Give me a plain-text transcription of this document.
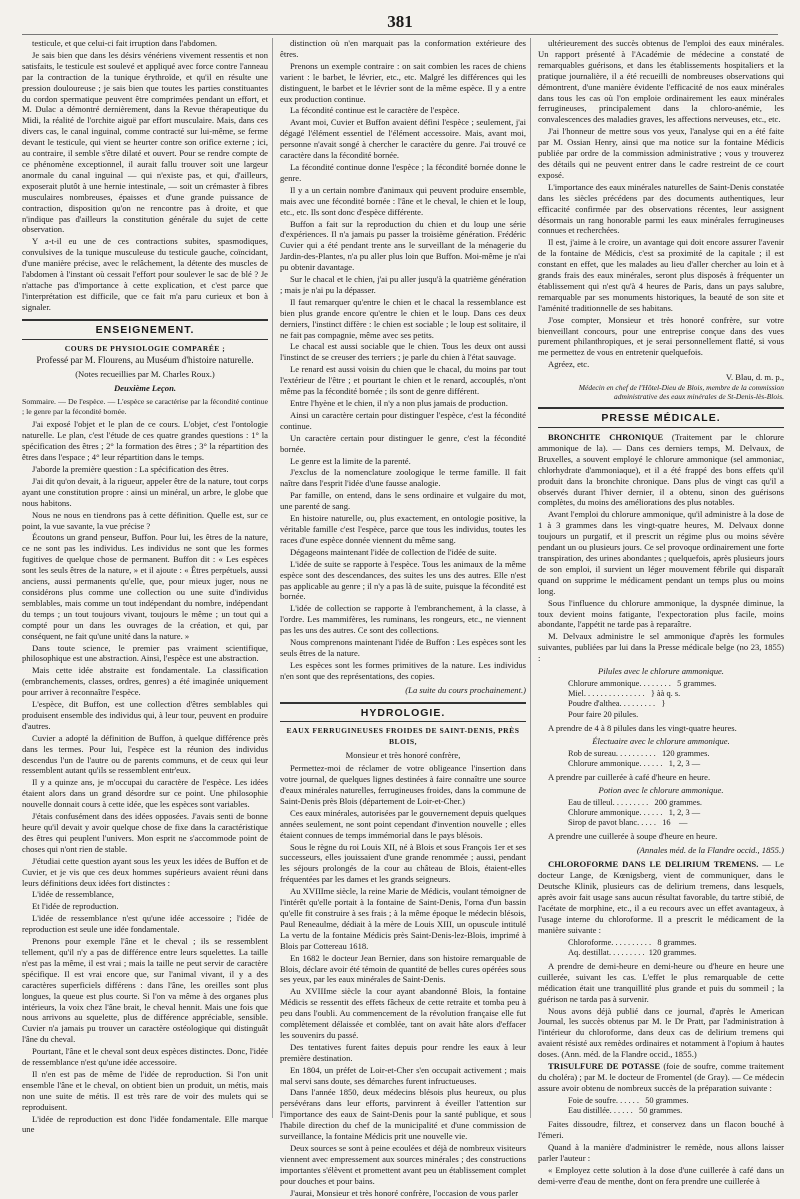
381

testicule, et que celui-ci fait irruption dans l'abdomen.

Je sais bien que dans les désirs vénériens vivement ressentis et non satisfaits, le testicule est soulevé et appliqué avec force contre l'anneau par la contraction de la tunique érythroïde, et qu'il en résulte une pression douloureuse ; je sais bien que toutes les parties constituantes du cordon spermatique peuvent être comprimées pendant un effort, et M. Dulac a démontré dernièrement, dans la Revue thérapeutique du Midi, la réalité de l'orchite aiguë par effort musculaire. Mais, dans ces divers cas, le canal inguinal, comme contracté sur lui-même, se ferme devant le testicule, qui vient se heurter contre son orifice externe ; ici, au contraire, il semble s'être dilaté et ouvert. Pour se rendre compte de ce phénomène exceptionnel, il aurait fallu trouver soit une largeur anormale du canal inguinal — qui n'existe pas, et qui, d'ailleurs, exposerait plutôt à une hernie intestinale, — soit un crémaster à fibres musculaires nombreuses, épaisses et d'une grande puissance de contraction, disposition qu'on ne rencontre pas à droite, et que n'indique pas d'ailleurs la constitution générale du sujet de cette observation.

Y a-t-il eu une de ces contractions subites, spasmodiques, convulsives de la tunique musculeuse du testicule gauche, coïncidant, d'une manière précise, avec le relâchement, la détente des muscles de l'abdomen à l'instant où cessait l'effort pour soulever le sac de blé ? Je n'attache pas d'importance à cette explication, et c'est parce que l'interprétation est difficile, que ce fait m'a paru curieux et bon à signaler.

ENSEIGNEMENT.
COURS DE PHYSIOLOGIE COMPARÉE ;
Professé par M. Flourens, au Muséum d'histoire naturelle.
(Notes recueillies par M. Charles Roux.)
Deuxième Leçon.

Sommaire. — De l'espèce. — L'espèce se caractérise par la fécondité continue ; le genre par la fécondité bornée.

J'ai exposé l'objet et le plan de ce cours. L'objet, c'est l'ontologie naturelle. Le plan, c'est l'étude de ces quatre grandes questions : 1° la spécification des êtres ; 2° la formation des êtres ; 3° la répartition des êtres dans l'espace ; 4° leur répartition dans le temps.

J'aborde la première question : La spécification des êtres.

J'ai dit qu'on devait, à la rigueur, appeler être de la nature, tout corps ayant une constitution propre : ainsi un minéral, un arbre, le globe que nous habitons.

Nous ne nous en tiendrons pas à cette définition. Quelle est, sur ce point, la vue savante, la vue précise ?

Écoutons un grand penseur, Buffon. Pour lui, les êtres de la nature, ce ne sont pas les individus. Les individus ne sont que les formes fugitives de quelque chose de permanent. Buffon dit : « Les espèces sont les seuls êtres de la nature, » et il ajoute : « Êtres perpétuels, aussi anciens, aussi permanents qu'elle, que, pour mieux juger, nous ne considérons plus comme une collection ou une suite d'individus semblables, mais comme un tout indépendant du nombre, indépendant du temps ; un tout toujours vivant, toujours le même ; un tout qui a compté pour un dans les ouvrages de la création, et qui, par conséquent, ne fait qu'une unité dans la nature. »

Dans toute science, le premier pas vraiment scientifique, philosophique est une abstraction. Ainsi, l'espèce est une abstraction.

Mais cette idée abstraite est fondamentale. La classification (embranchements, classes, ordres, genres) a été imaginée uniquement pour arriver à reconnaître l'espèce.

L'espèce, dit Buffon, est une collection d'êtres semblables qui produisent ensemble des individus qui, à leur tour, peuvent en produire d'autres.

Cuvier a adopté la définition de Buffon, à quelque différence près dans les termes. Pour lui, l'espèce est la réunion des individus descendus l'un de l'autre ou de parents communs, et de ceux qui leur ressemblent autant qu'ils se ressemblent entr'eux.

Il y a quinze ans, je m'occupai du caractère de l'espèce. Les idées étaient alors dans un grand désordre sur ce point. Une philosophie nouvelle donnait cours à cette idée, que les espèces sont variables.

J'étais confusément dans des idées opposées. J'avais senti de bonne heure qu'il devait y avoir quelque chose de fixe dans la caractéristique des êtres qui peuplent l'univers. Mon esprit ne s'accommode point de choses qui n'ont rien de stable.

J'étudiai cette question ayant sous les yeux les idées de Buffon et de Cuvier, et je vis que ces deux hommes supérieurs avaient réuni dans leurs définitions deux idées fort distinctes :

L'idée de ressemblance,

Et l'idée de reproduction.

L'idée de ressemblance n'est qu'une idée accessoire ; l'idée de reproduction est seule une idée fondamentale.

Prenons pour exemple l'âne et le cheval ; ils se ressemblent tellement, qu'il n'y a pas de différence entre leurs squelettes. La taille n'est pas la même, il est vrai ; mais la taille ne peut servir de caractère spécifique. Il est vrai encore que, sur l'animal vivant, il y a des caractères superficiels différens : dans l'âne, les oreilles sont plus longues, la queue est plus courte. Si l'on va même à des organes plus intérieurs, la voix chez l'âne brait, le cheval hennit. Mais une fois que nous arrivons au squelette, plus de différence appréciable, sensible. Cuvier n'a jamais pu trouver un caractère ostéologique qui distinguât l'âne du cheval.

Pourtant, l'âne et le cheval sont deux espèces distinctes. Donc, l'idée de ressemblance n'est qu'une idée accessoire.

Il n'en est pas de même de l'idée de reproduction. Si l'on unit ensemble l'âne et le cheval, on obtient bien un produit, un métis, mais non une suite de métis. Il est très rare de voir des mulets qui se reproduisent.

L'idée de reproduction est donc l'idée fondamentale. Elle marque une

distinction où n'en marquait pas la conformation extérieure des êtres.

Prenons un exemple contraire : on sait combien les races de chiens varient : le barbet, le lévrier, etc., etc. Malgré les différences qui les distinguent, le barbet et le lévrier sont de la même espèce. Il y a entre eux production continue.

La fécondité continue est le caractère de l'espèce.

Avant moi, Cuvier et Buffon avaient défini l'espèce ; seulement, j'ai dégagé l'élément essentiel de l'élément accessoire. Mais, avant moi, personne n'avait songé à chercher le caractère du genre. J'ai trouvé ce caractère dans la fécondité bornée.

La fécondité continue donne l'espèce ; la fécondité bornée donne le genre.

Il y a un certain nombre d'animaux qui peuvent produire ensemble, mais avec une fécondité bornée : l'âne et le cheval, le chien et le loup, etc., etc. Ils sont donc d'espèce différente.

Buffon a fait sur la reproduction du chien et du loup une série d'expériences. Il n'a jamais pu passer la troisième génération. Frédéric Cuvier qui a été pendant trente ans le surveillant de la ménagerie du Jardin-des-Plantes, n'a pu aller plus loin que Buffon. Moi-même je n'ai pu obtenir davantage.

Sur le chacal et le chien, j'ai pu aller jusqu'à la quatrième génération ; mais je n'ai pu la dépasser.

Il faut remarquer qu'entre le chien et le chacal la ressemblance est bien plus grande encore qu'entre le chien et le loup. Dans ces deux derniers, l'instinct diffère : le chien est sociable ; le loup est solitaire, il ne fait pas compagnie, même avec ses petits.

Le chacal est aussi sociable que le chien. Tous les deux ont aussi l'instinct de se creuser des terriers ; je parle du chien à l'état sauvage.

Le renard est aussi voisin du chien que le chacal, du moins par tout l'extérieur de l'être ; et pourtant le chien et le renard, accouplés, n'ont même pas la fécondité bornée ; ils sont de genre différent.

Entre l'hyène et le chien, il n'y a non plus jamais de production.

Ainsi un caractère certain pour distinguer l'espèce, c'est la fécondité continue.

Un caractère certain pour distinguer le genre, c'est la fécondité bornée.

Le genre est la limite de la parenté.

J'exclus de la nomenclature zoologique le terme famille. Il fait naître dans l'esprit l'idée d'une fausse analogie.

Par famille, on entend, dans le sens ordinaire et vulgaire du mot, une parenté de sang.

En histoire naturelle, ou, plus exactement, en ontologie positive, la véritable famille c'est l'espèce, parce que tous les individus, toutes les races d'une espèce donnée viennent du même sang.

Dégageons maintenant l'idée de collection de l'idée de suite.

L'idée de suite se rapporte à l'espèce. Tous les animaux de la même espèce sont des descendances, des suites les uns des autres. Elle n'est pas applicable au genre ; il n'y a pas là de suite, puisque la fécondité est bornée.

L'idée de collection se rapporte à l'embranchement, à la classe, à l'ordre. Les mammifères, les ruminans, les rongeurs, etc., ne viennent pas les uns des autres. Ce sont des collections.

Nous comprenons maintenant l'idée de Buffon : Les espèces sont les seuls êtres de la nature.

Les espèces sont les formes primitives de la nature. Les individus n'en sont que des représentations, des copies.

(La suite du cours prochainement.)
HYDROLOGIE.
EAUX FERRUGINEUSES FROIDES DE SAINT-DENIS, PRÈS BLOIS,
Monsieur et très honoré confrère,

Permettez-moi de réclamer de votre obligeance l'insertion dans votre journal, de quelques lignes destinées à faire connaître une source d'eaux minérales naturelles, ferrugineuses froides, dans la commune de Saint-Denis près Blois (département de Loir-et-Cher.)

Ces eaux minérales, autorisées par le gouvernement depuis quelques années seulement, ne sont point cependant d'invention nouvelle ; elles étaient connues de temps immémorial dans le pays blésois.

Sous le règne du roi Louis XII, né à Blois et sous François 1er et ses successeurs, elles jouissaient d'une grande renommée ; aussi, pendant les séjours prolongés de la cour au château de Blois, étaient-elles fréquentées par les dames et les grands seigneurs.

Au XVIIIme siècle, la reine Marie de Médicis, voulant témoigner de l'intérêt qu'elle portait à la fontaine de Saint-Denis, l'orna d'un bassin qu'elle fit construire à ses frais ; à la même époque le médecin blésois, Paul Reneaulme, dédiait à la mère de Louis XIII, un opuscule intitulé La vertu de la fontaine Médicis près Saint-Denis-lez-Blois, imprimé à Blois par Cottereau 1618.

En 1682 le docteur Jean Bernier, dans son histoire remarquable de Blois, déclare avoir été témoin de quantité de belles cures opérées sous ses yeux, par les eaux minérales de Saint-Denis.

Au XVIIIme siècle la cour ayant abandonné Blois, la fontaine Médicis se ressentit des effets fâcheux de cette retraite et tomba peu à peu dans l'oubli. Au commencement de la révolution française elle fut complètement délaissée et comblée, tant on avait hâte alors d'effacer les souvenirs du passé.

Des tentatives furent faites depuis pour rendre les eaux à leur première destination.

En 1804, un préfet de Loir-et-Cher s'en occupait activement ; mais mal servi sans doute, ses démarches furent infructueuses.

Dans l'année 1850, deux médecins blésois plus heureux, ou plus persévérans dans leur efforts, parvinrent à éveiller l'attention sur l'importance des eaux de Saint-Denis pour la santé publique, et sous l'habile direction du chef de la municipalité et d'une commission de surveillance, la fontaine Médicis prit une nouvelle vie.

Deux sources se sont à peine ecoulées et déjà de nombreux visiteurs viennent avec empressement aux sources minérales ; des constructions importantes s'élèvent et promettent avant peu un établissement complet pour douches et pour bains.

J'aurai, Monsieur et très honoré confrère, l'occasion de vous parler

ultérieurement des succès obtenus de l'emploi des eaux minérales. Un rapport présenté à l'Académie de médecine a constaté de remarquables guérisons, et dans les établissements hospitaliers et la pratique journalière, il a été recueilli de nombreuses observations qui démontrent, d'une manière évidente l'efficacité de nos eaux minérales dans tous les cas où l'on emploie ordinairement les eaux minérales ferrugineuses, principalement dans la chloro-anémie, les convalescences des maladies graves, les affections nerveuses, etc., etc.

J'ai l'honneur de mettre sous vos yeux, l'analyse qui en a été faite par M. Ossian Henry, ainsi que ma notice sur la fontaine Médicis publiée par ordre de la commission administrative ; vous y trouverez des détails qui ne peuvent entrer dans le cadre restreint de ce court exposé.

L'importance des eaux minérales naturelles de Saint-Denis constatée dans les siècles précédens par des documents authentiques, leur efficacité confirmée par des observations récentes, leur assignent désormais un rang honorable parmi les eaux minérales ferrugineuses connues et recherchées.

Il est, j'aime à le croire, un avantage qui doit encore assurer l'avenir de la fontaine de Médicis, c'est sa proximité de la capitale ; il est constant en effet, que les malades au lieu d'aller chercher au loin et à grands frais des eaux minérales, seront plus disposés à fréquenter un établissement qui n'est qu'à 4 heures de Paris, dans un pays salubre, remarquable par ses monuments historiques, la beauté de son site et l'aménité traditionnelle de ses habitans.

J'ose compter, Monsieur et très honoré confrère, sur votre bienveillant concours, pour une entreprise conçue dans des vues purement philanthropiques, et je serai personnellement flatté, si vous me permettez de vous en entretenir quelquefois.

Agréez, etc.

V. Blau, d. m. p.,
Médecin en chef de l'Hôtel-Dieu de Blois, membre de la commission administrative des eaux minérales de St-Denis-lès-Blois.
PRESSE MÉDICALE.

BRONCHITE CHRONIQUE (Traitement par le chlorure ammonique de la). — Dans ces derniers temps, M. Delvaux, de Bruxelles, a souvent employé le chlorure ammonique (sel ammoniac, chlorhydrate d'ammoniaque), et il a été frappé des bons effets qu'il produit dans la bronchite chronique. Dans plus de vingt cas qu'il a observés durant l'hiver dernier, il a obtenu, sinon des guérisons complètes, du moins des améliorations des plus notables.

Avant l'emploi du chlorure ammonique, qu'il administre à la dose de 1 à 3 grammes dans les vingt-quatre heures, M. Delvaux donne toujours un purgatif, et il prescrit un régime plus ou moins sévère pendant un ou plusieurs jours. Ce sel provoque ordinairement une forte transpiration, des urines abondantes ; quelquefois, après plusieurs jours de son emploi, il survient un léger mouvement fébrile qui disparaît quand on supprime le médicament pendant un temps plus ou moins long.

Sous l'influence du chlorure ammonique, la dyspnée diminue, la toux devient moins fatigante, l'expectoration plus facile, moins abondante, l'appétit ne tarde pas à reparaître.

M. Delvaux administre le sel ammonique d'après les formules suivantes, publiées par lui dans la Presse médicale belge (no 23, 1855) :

Pilules avec le chlorure ammonique.
Chlorure ammonique. . . . . . . .   5 grammes.
Miel. . . . . . . . . . . . . . .   } àà q. s.
Poudre d'althea. . . . . . . . .   }
Pour faire 20 pilules.

A prendre de 4 à 8 pilules dans les vingt-quatre heures.

Électuaire avec le chlorure ammonique.
Rob de sureau. . . . . . . . . .   120 grammes.
Chlorure ammonique. . . . . .   1, 2, 3 —

A prendre par cuillerée à café d'heure en heure.

Potion avec le chlorure ammonique.
Eau de tilleul. . . . . . . . .   200 grammes.
Chlorure ammonique. . . . . .   1, 2, 3 —
Sirop de pavot blanc. . . . .   16    —

A prendre une cuillerée à soupe d'heure en heure.

(Annales méd. de la Flandre occid., 1855.)

CHLOROFORME DANS LE DELIRIUM TREMENS. — Le docteur Lange, de Kœnigsberg, vient de communiquer, dans le Deutsche Klinik, plusieurs cas de delirium tremens, dans lesquels, après avoir fait usage sans aucun résultat favorable, du tartre stibié, de l'acétate de morphine, etc., il a eu recours avec un effet avantageux, à l'usage interne du chloroforme. Il a prescrit le médicament de la manière suivante :

Chloroforme. . . . . . . . . .   8 grammes.
Aq. destillat. . . . . . . . .  120 grammes.

A prendre de demi-heure en demi-heure ou d'heure en heure une cuillerée, suivant les cas. L'effet le plus remarquable de cette médication était une tranquillité plus grande et puis du sommeil ; la guérison ne tarda pas à survenir.

Nous avons déjà publié dans ce journal, d'après le American Journal, les succès obtenus par M. le Dr Pratt, par l'administration à l'intérieur du chloroforme, dans deux cas de delirium tremens qui avaient résisté aux remèdes ordinaires et notamment à l'opium à hautes doses. (Ann. méd. de la Flandre occid., 1855.)

TRISULFURE DE POTASSE (foie de soufre, comme traitement du choléra) ; par M. le docteur de Fromentel (de Gray). — Ce médecin assure avoir obtenu de nombreux succès de la préparation suivante :

Foie de soufre. . . . . .   50 grammes.
Eau distillée. . . . . .   50 grammes.

Faites dissoudre, filtrez, et conservez dans un flacon bouché à l'émeri.

Quand à la manière d'administrer le remède, nous allons laisser parler l'auteur :

« Employez cette solution à la dose d'une cuillerée à café dans un demi-verre d'eau de menthe, dont on fera prendre une cuillerée à
